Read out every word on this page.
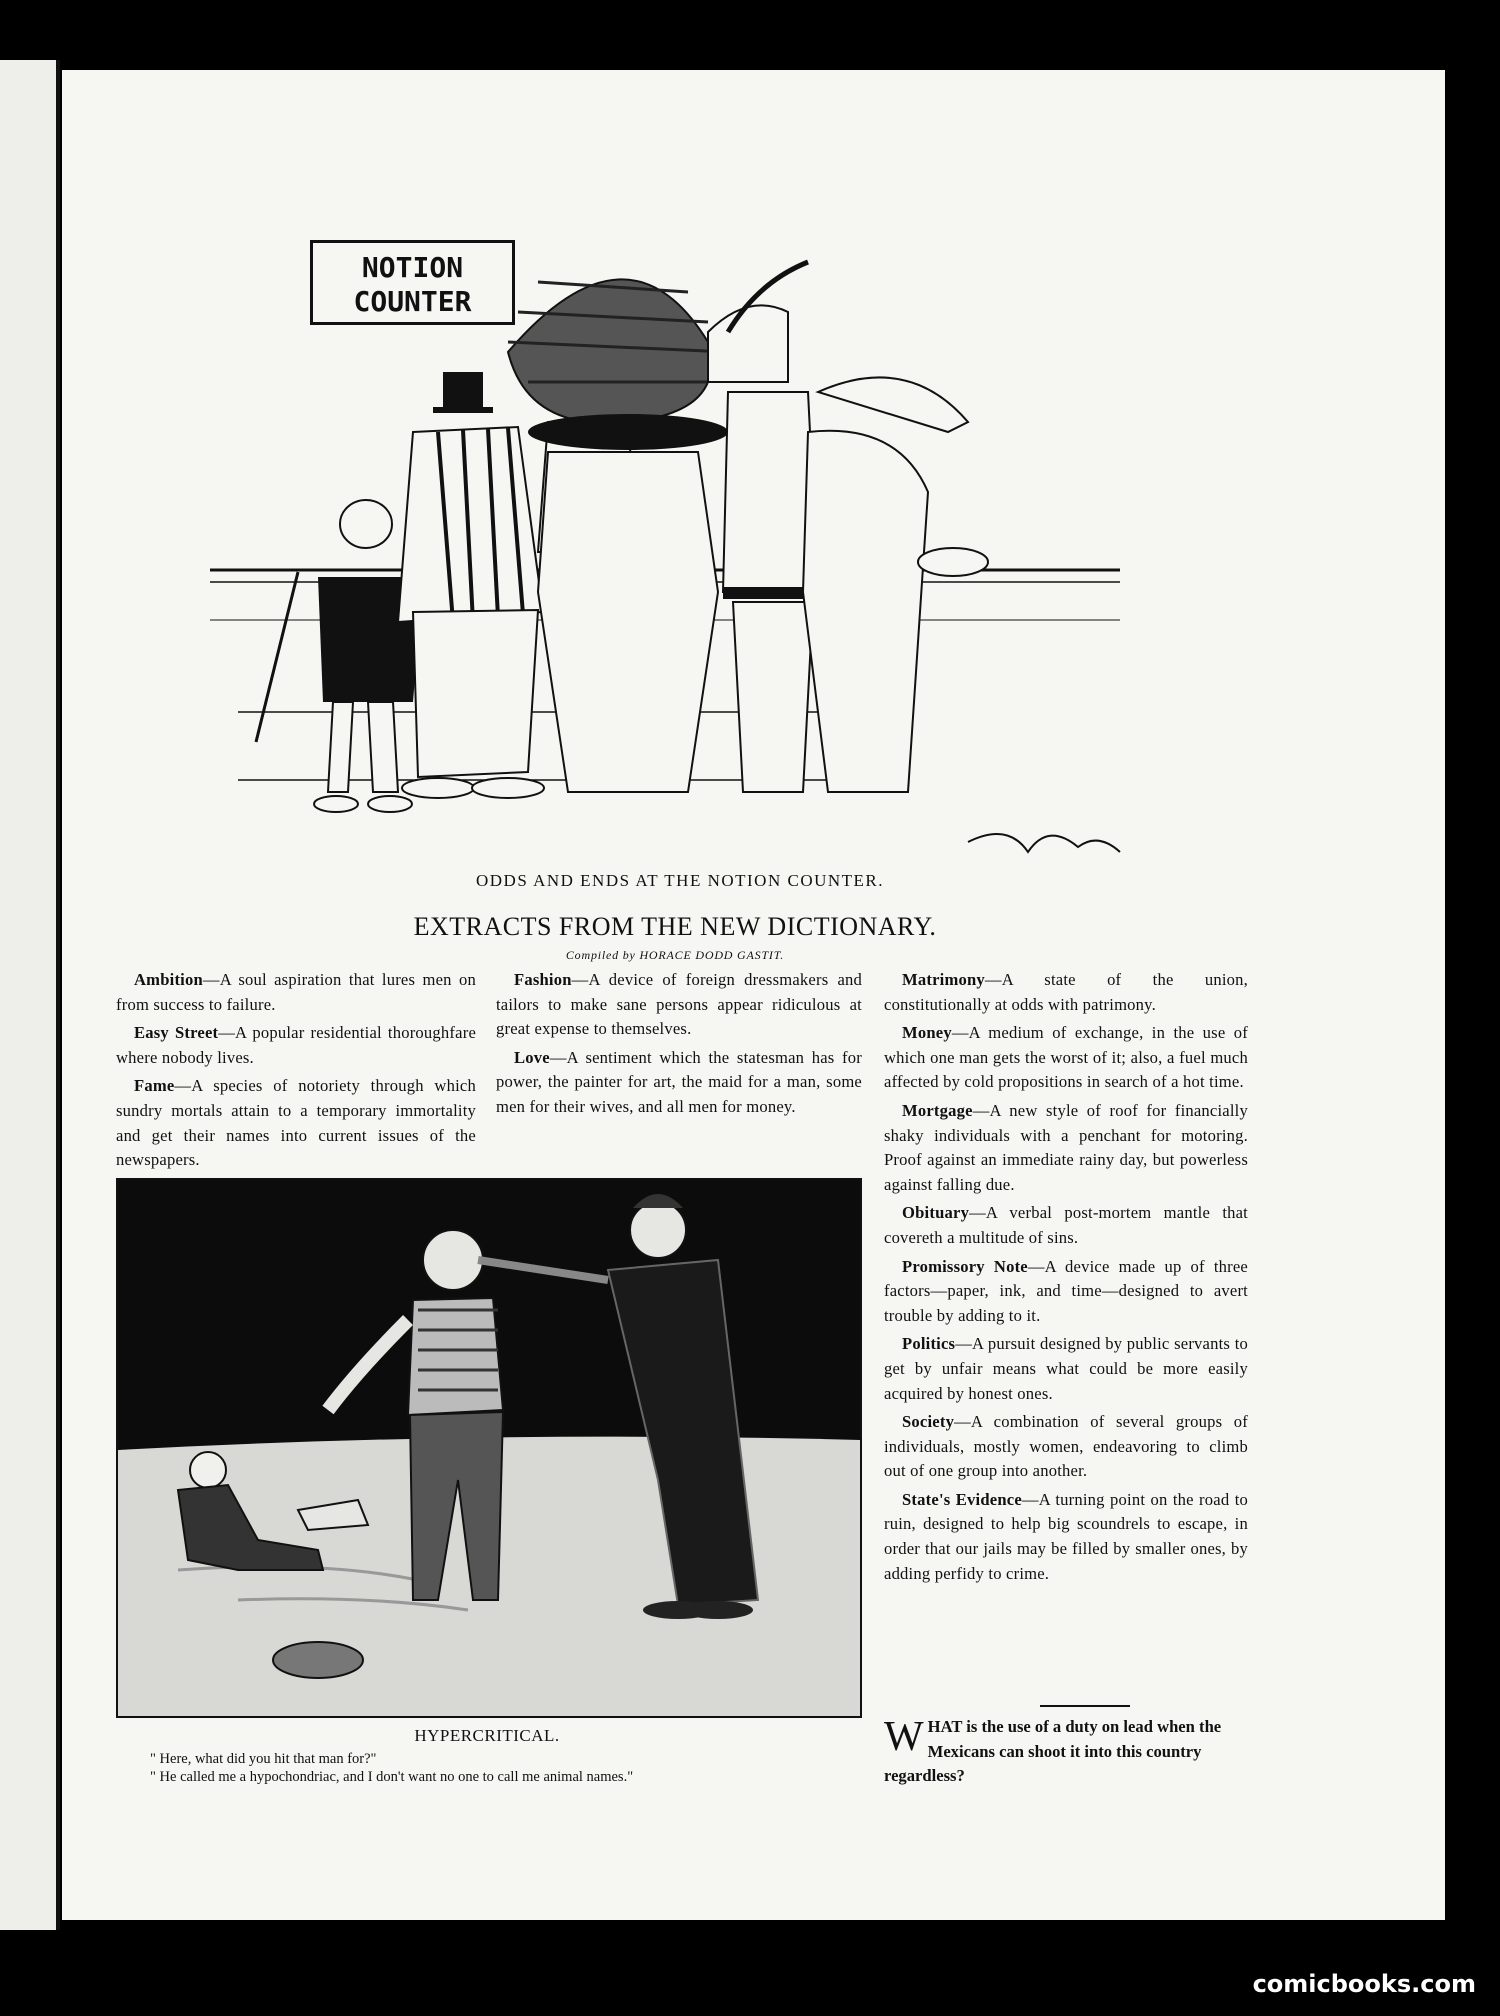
NOTION
COUNTER
ODDS AND ENDS AT THE NOTION COUNTER.
EXTRACTS FROM THE NEW DICTIONARY.
Compiled by HORACE DODD GASTIT.

Ambition—A soul aspiration that lures men on from success to failure.

Easy Street—A popular residential thoroughfare where nobody lives.

Fame—A species of notoriety through which sundry mortals attain to a temporary immortality and get their names into current issues of the newspapers.

Fashion—A device of foreign dressmakers and tailors to make sane persons appear ridiculous at great expense to themselves.

Love—A sentiment which the statesman has for power, the painter for art, the maid for a man, some men for their wives, and all men for money.

Matrimony—A state of the union, constitutionally at odds with patrimony.

Money—A medium of exchange, in the use of which one man gets the worst of it; also, a fuel much affected by cold propositions in search of a hot time.

Mortgage—A new style of roof for financially shaky individuals with a penchant for motoring. Proof against an immediate rainy day, but powerless against falling due.

Obituary—A verbal post-mortem mantle that covereth a multitude of sins.

Promissory Note—A device made up of three factors—paper, ink, and time—designed to avert trouble by adding to it.

Politics—A pursuit designed by public servants to get by unfair means what could be more easily acquired by honest ones.

Society—A combination of several groups of individuals, mostly women, endeavoring to climb out of one group into another.

State's Evidence—A turning point on the road to ruin, designed to help big scoundrels to escape, in order that our jails may be filled by smaller ones, by adding perfidy to crime.

HYPERCRITICAL.
" Here, what did you hit that man for?"
" He called me a hypochondriac, and I don't want no one to call me animal names."
WHAT is the use of a duty on lead when the Mexicans can shoot it into this country regardless?
comicbooks.com
